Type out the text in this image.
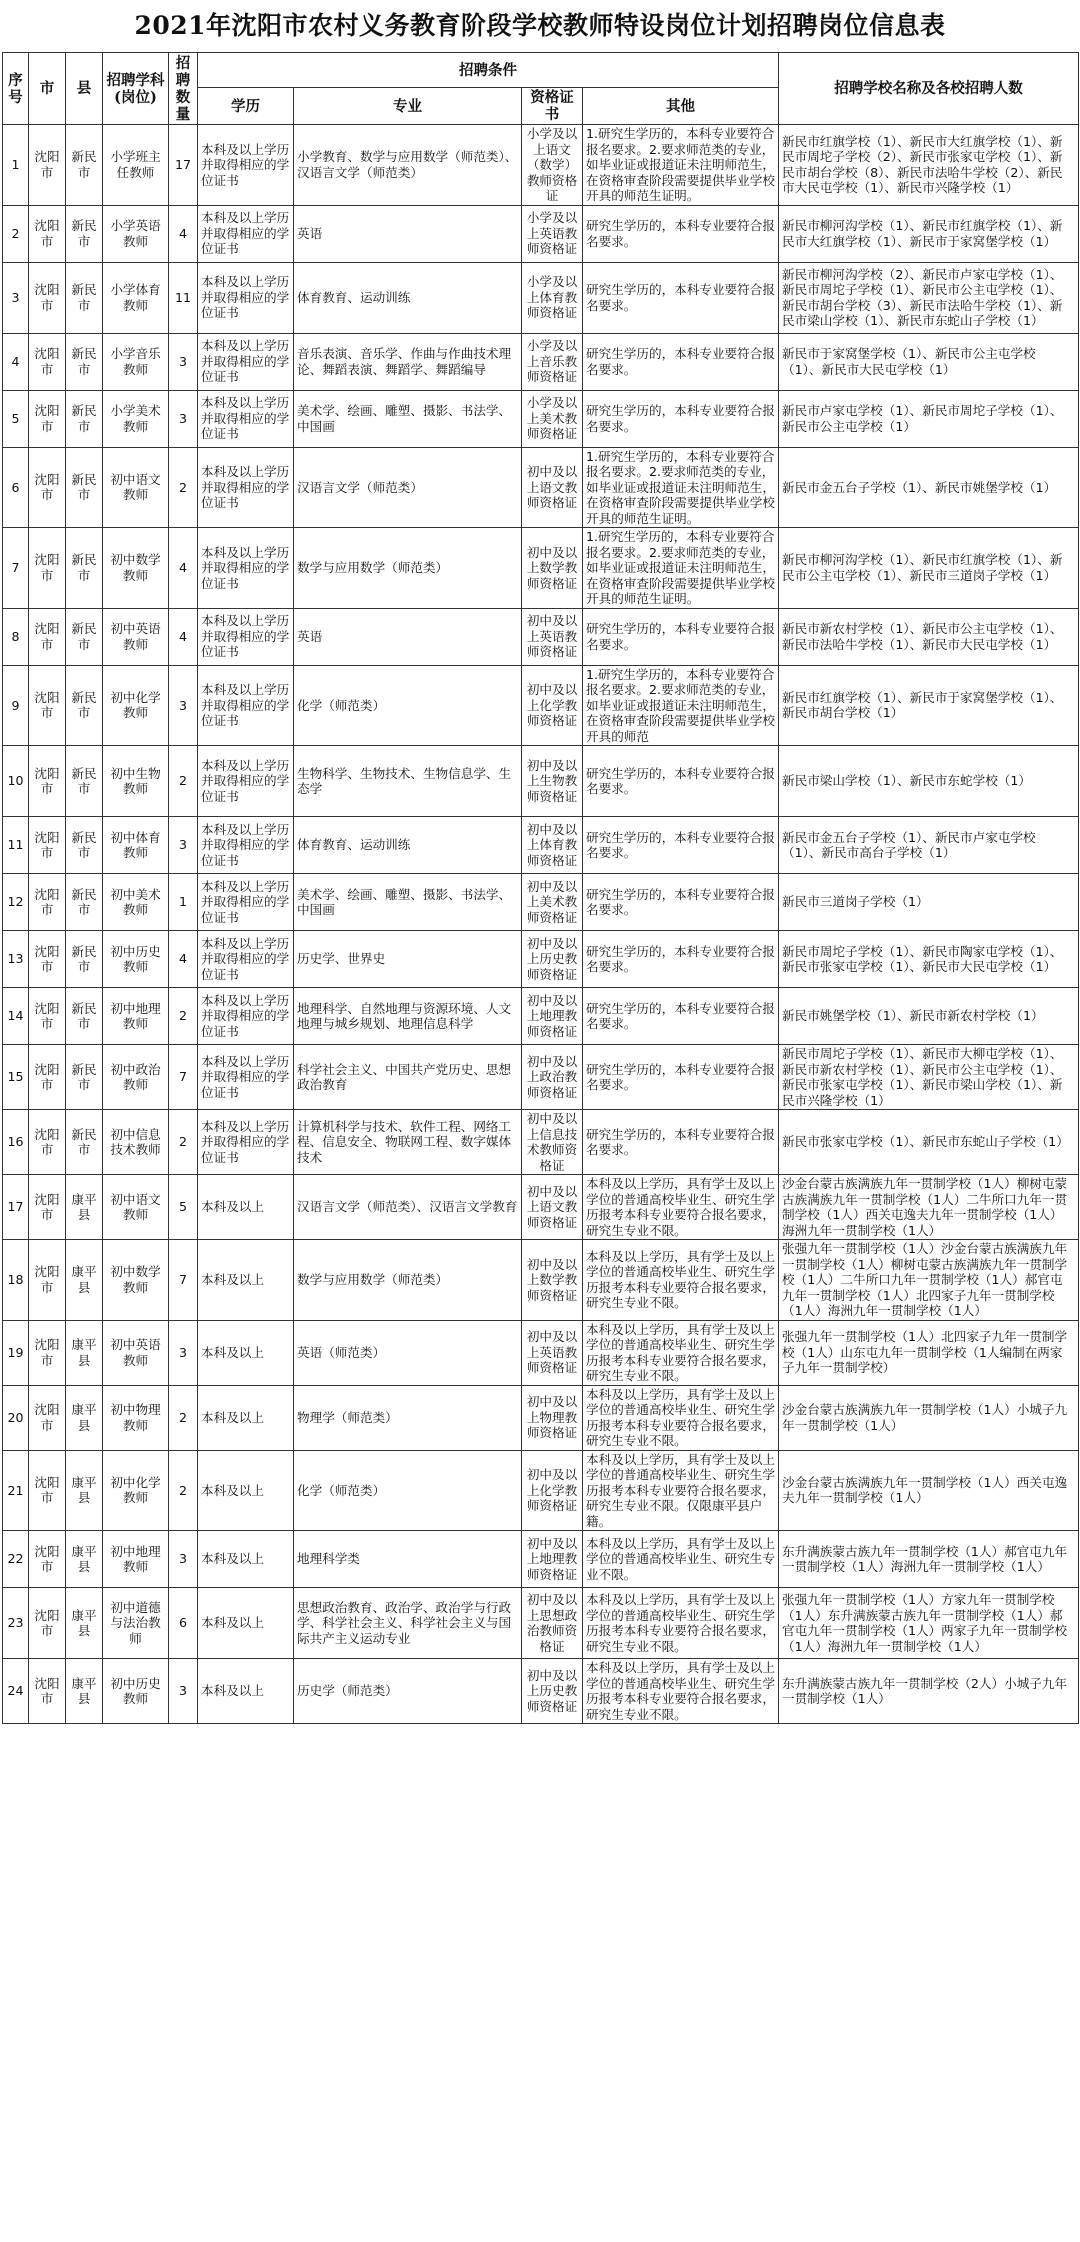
2021年沈阳市农村义务教育阶段学校教师特设岗位计划招聘岗位信息表
序号	市	县	招聘学科(岗位)	招聘数量	招聘条件				招聘学校名称及各校招聘人数
					学历	专业	资格证书	其他	
1	沈阳市	新民市	小学班主任教师	17	本科及以上学历并取得相应的学位证书	小学教育、数学与应用数学（师范类）、汉语言文学（师范类）	小学及以上语文（数学）教师资格证	1.研究生学历的，本科专业要符合报名要求。2.要求师范类的专业，如毕业证或报道证未注明师范生，在资格审查阶段需要提供毕业学校开具的师范生证明。	新民市红旗学校（1）、新民市大红旗学校（1）、新民市周坨子学校（2）、新民市张家屯学校（1）、新民市胡台学校（8）、新民市法哈牛学校（2）、新民市大民屯学校（1）、新民市兴隆学校（1）
2	沈阳市	新民市	小学英语教师	4	本科及以上学历并取得相应的学位证书	英语	小学及以上英语教师资格证	研究生学历的，本科专业要符合报名要求。	新民市柳河沟学校（1）、新民市红旗学校（1）、新民市大红旗学校（1）、新民市于家窝堡学校（1）
3	沈阳市	新民市	小学体育教师	11	本科及以上学历并取得相应的学位证书	体育教育、运动训练	小学及以上体育教师资格证	研究生学历的，本科专业要符合报名要求。	新民市柳河沟学校（2）、新民市卢家屯学校（1）、新民市周坨子学校（1）、新民市公主屯学校（1）、新民市胡台学校（3）、新民市法哈牛学校（1）、新民市梁山学校（1）、新民市东蛇山子学校（1）
4	沈阳市	新民市	小学音乐教师	3	本科及以上学历并取得相应的学位证书	音乐表演、音乐学、作曲与作曲技术理论、舞蹈表演、舞蹈学、舞蹈编导	小学及以上音乐教师资格证	研究生学历的，本科专业要符合报名要求。	新民市于家窝堡学校（1）、新民市公主屯学校（1）、新民市大民屯学校（1）
5	沈阳市	新民市	小学美术教师	3	本科及以上学历并取得相应的学位证书	美术学、绘画、雕塑、摄影、书法学、中国画	小学及以上美术教师资格证	研究生学历的，本科专业要符合报名要求。	新民市卢家屯学校（1）、新民市周坨子学校（1）、新民市公主屯学校（1）
6	沈阳市	新民市	初中语文教师	2	本科及以上学历并取得相应的学位证书	汉语言文学（师范类）	初中及以上语文教师资格证	1.研究生学历的，本科专业要符合报名要求。2.要求师范类的专业，如毕业证或报道证未注明师范生，在资格审查阶段需要提供毕业学校开具的师范生证明。	新民市金五台子学校（1）、新民市姚堡学校（1）
7	沈阳市	新民市	初中数学教师	4	本科及以上学历并取得相应的学位证书	数学与应用数学（师范类）	初中及以上数学教师资格证	1.研究生学历的，本科专业要符合报名要求。2.要求师范类的专业，如毕业证或报道证未注明师范生，在资格审查阶段需要提供毕业学校开具的师范生证明。	新民市柳河沟学校（1）、新民市红旗学校（1）、新民市公主屯学校（1）、新民市三道岗子学校（1）
8	沈阳市	新民市	初中英语教师	4	本科及以上学历并取得相应的学位证书	英语	初中及以上英语教师资格证	研究生学历的，本科专业要符合报名要求。	新民市新农村学校（1）、新民市公主屯学校（1）、新民市法哈牛学校（1）、新民市大民屯学校（1）
9	沈阳市	新民市	初中化学教师	3	本科及以上学历并取得相应的学位证书	化学（师范类）	初中及以上化学教师资格证	1.研究生学历的，本科专业要符合报名要求。2.要求师范类的专业，如毕业证或报道证未注明师范生，在资格审查阶段需要提供毕业学校开具的师范	新民市红旗学校（1）、新民市于家窝堡学校（1）、新民市胡台学校（1）
10	沈阳市	新民市	初中生物教师	2	本科及以上学历并取得相应的学位证书	生物科学、生物技术、生物信息学、生态学	初中及以上生物教师资格证	研究生学历的，本科专业要符合报名要求。	新民市梁山学校（1）、新民市东蛇学校（1）
11	沈阳市	新民市	初中体育教师	3	本科及以上学历并取得相应的学位证书	体育教育、运动训练	初中及以上体育教师资格证	研究生学历的，本科专业要符合报名要求。	新民市金五台子学校（1）、新民市卢家屯学校（1）、新民市高台子学校（1）
12	沈阳市	新民市	初中美术教师	1	本科及以上学历并取得相应的学位证书	美术学、绘画、雕塑、摄影、书法学、中国画	初中及以上美术教师资格证	研究生学历的，本科专业要符合报名要求。	新民市三道岗子学校（1）
13	沈阳市	新民市	初中历史教师	4	本科及以上学历并取得相应的学位证书	历史学、世界史	初中及以上历史教师资格证	研究生学历的，本科专业要符合报名要求。	新民市周坨子学校（1）、新民市陶家屯学校（1）、新民市张家屯学校（1）、新民市大民屯学校（1）
14	沈阳市	新民市	初中地理教师	2	本科及以上学历并取得相应的学位证书	地理科学、自然地理与资源环境、人文地理与城乡规划、地理信息科学	初中及以上地理教师资格证	研究生学历的，本科专业要符合报名要求。	新民市姚堡学校（1）、新民市新农村学校（1）
15	沈阳市	新民市	初中政治教师	7	本科及以上学历并取得相应的学位证书	科学社会主义、中国共产党历史、思想政治教育	初中及以上政治教师资格证	研究生学历的，本科专业要符合报名要求。	新民市周坨子学校（1）、新民市大柳屯学校（1）、新民市新农村学校（1）、新民市公主屯学校（1）、新民市张家屯学校（1）、新民市梁山学校（1）、新民市兴隆学校（1）
16	沈阳市	新民市	初中信息技术教师	2	本科及以上学历并取得相应的学位证书	计算机科学与技术、软件工程、网络工程、信息安全、物联网工程、数字媒体技术	初中及以上信息技术教师资格证	研究生学历的，本科专业要符合报名要求。	新民市张家屯学校（1）、新民市东蛇山子学校（1）
17	沈阳市	康平县	初中语文教师	5	本科及以上	汉语言文学（师范类）、汉语言文学教育	初中及以上语文教师资格证	本科及以上学历，具有学士及以上学位的普通高校毕业生、研究生学历报考本科专业要符合报名要求，研究生专业不限。	沙金台蒙古族满族九年一贯制学校（1人）柳树屯蒙古族满族九年一贯制学校（1人）二牛所口九年一贯制学校（1人）西关屯逸夫九年一贯制学校（1人）海洲九年一贯制学校（1人）
18	沈阳市	康平县	初中数学教师	7	本科及以上	数学与应用数学（师范类）	初中及以上数学教师资格证	本科及以上学历，具有学士及以上学位的普通高校毕业生、研究生学历报考本科专业要符合报名要求，研究生专业不限。	张强九年一贯制学校（1人）沙金台蒙古族满族九年一贯制学校（1人）柳树屯蒙古族满族九年一贯制学校（1人）二牛所口九年一贯制学校（1人）郝官屯九年一贯制学校（1人）北四家子九年一贯制学校（1人）海洲九年一贯制学校（1人）
19	沈阳市	康平县	初中英语教师	3	本科及以上	英语（师范类）	初中及以上英语教师资格证	本科及以上学历，具有学士及以上学位的普通高校毕业生、研究生学历报考本科专业要符合报名要求，研究生专业不限。	张强九年一贯制学校（1人）北四家子九年一贯制学校（1人）山东屯九年一贯制学校（1人编制在两家子九年一贯制学校）
20	沈阳市	康平县	初中物理教师	2	本科及以上	物理学（师范类）	初中及以上物理教师资格证	本科及以上学历，具有学士及以上学位的普通高校毕业生、研究生学历报考本科专业要符合报名要求，研究生专业不限。	沙金台蒙古族满族九年一贯制学校（1人）小城子九年一贯制学校（1人）
21	沈阳市	康平县	初中化学教师	2	本科及以上	化学（师范类）	初中及以上化学教师资格证	本科及以上学历，具有学士及以上学位的普通高校毕业生、研究生学历报考本科专业要符合报名要求，研究生专业不限。仅限康平县户籍。	沙金台蒙古族满族九年一贯制学校（1人）西关屯逸夫九年一贯制学校（1人）
22	沈阳市	康平县	初中地理教师	3	本科及以上	地理科学类	初中及以上地理教师资格证	本科及以上学历，具有学士及以上学位的普通高校毕业生、研究生专业不限。	东升满族蒙古族九年一贯制学校（1人）郝官屯九年一贯制学校（1人）海洲九年一贯制学校（1人）
23	沈阳市	康平县	初中道德与法治教师	6	本科及以上	思想政治教育、政治学、政治学与行政学、科学社会主义、科学社会主义与国际共产主义运动专业	初中及以上思想政治教师资格证	本科及以上学历，具有学士及以上学位的普通高校毕业生、研究生学历报考本科专业要符合报名要求，研究生专业不限。	张强九年一贯制学校（1人）方家九年一贯制学校（1人）东升满族蒙古族九年一贯制学校（1人）郝官屯九年一贯制学校（1人）两家子九年一贯制学校（1人）海洲九年一贯制学校（1人）
24	沈阳市	康平县	初中历史教师	3	本科及以上	历史学（师范类）	初中及以上历史教师资格证	本科及以上学历，具有学士及以上学位的普通高校毕业生、研究生学历报考本科专业要符合报名要求，研究生专业不限。	东升满族蒙古族九年一贯制学校（2人）小城子九年一贯制学校（1人）
